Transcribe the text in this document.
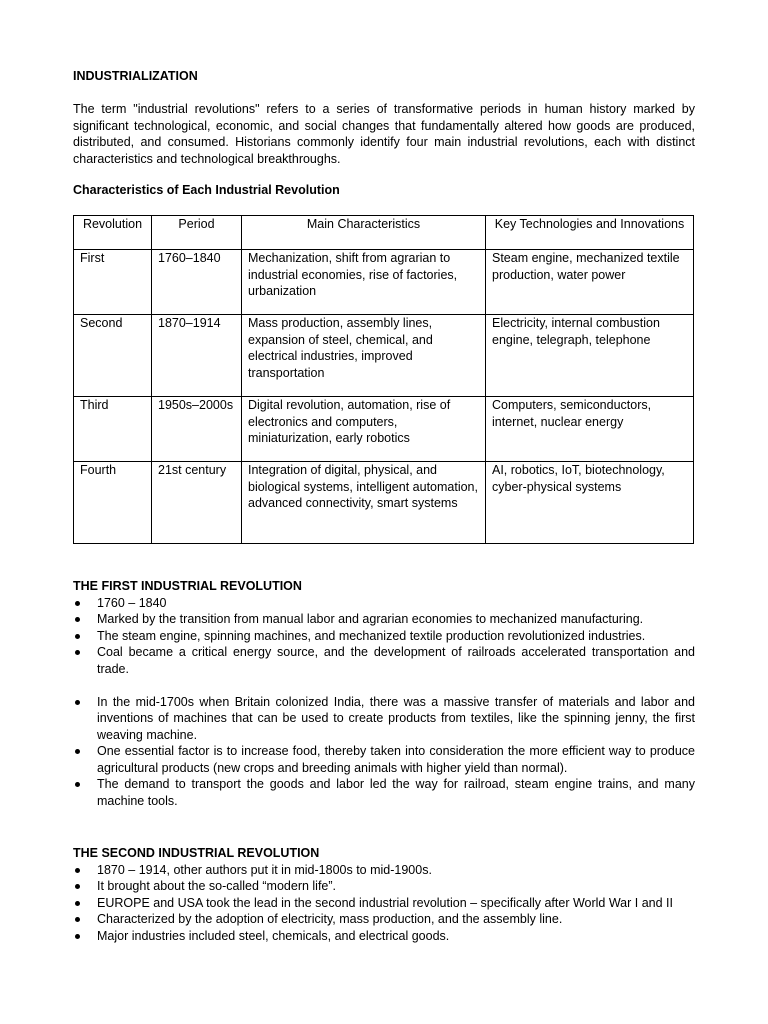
INDUSTRIALIZATION

The term "industrial revolutions" refers to a series of transformative periods in human history marked by significant technological, economic, and social changes that fundamentally altered how goods are produced, distributed, and consumed. Historians commonly identify four main industrial revolutions, each with distinct characteristics and technological breakthroughs.

Characteristics of Each Industrial Revolution
Revolution	Period	Main Characteristics	Key Technologies and Innovations
First	1760–1840	Mechanization, shift from agrarian to industrial economies, rise of factories, urbanization	Steam engine, mechanized textile production, water power
Second	1870–1914	Mass production, assembly lines, expansion of steel, chemical, and electrical industries, improved transportation	Electricity, internal combustion engine, telegraph, telephone
Third	1950s–2000s	Digital revolution, automation, rise of electronics and computers, miniaturization, early robotics	Computers, semiconductors, internet, nuclear energy
Fourth	21st century	Integration of digital, physical, and biological systems, intelligent automation, advanced connectivity, smart systems	AI, robotics, IoT, biotechnology, cyber-physical systems
THE FIRST INDUSTRIAL REVOLUTION
1760 – 1840
Marked by the transition from manual labor and agrarian economies to mechanized manufacturing.
The steam engine, spinning machines, and mechanized textile production revolutionized industries.
Coal became a critical energy source, and the development of railroads accelerated transportation and trade.
In the mid-1700s when Britain colonized India, there was a massive transfer of materials and labor and inventions of machines that can be used to create products from textiles, like the spinning jenny, the first weaving machine.
One essential factor is to increase food, thereby taken into consideration the more efficient way to produce agricultural products (new crops and breeding animals with higher yield than normal).
The demand to transport the goods and labor led the way for railroad, steam engine trains, and many machine tools.
THE SECOND INDUSTRIAL REVOLUTION
1870 – 1914, other authors put it in mid-1800s to mid-1900s.
It brought about the so-called “modern life”.
EUROPE and USA took the lead in the second industrial revolution – specifically after World War I and II
Characterized by the adoption of electricity, mass production, and the assembly line.
Major industries included steel, chemicals, and electrical goods.
